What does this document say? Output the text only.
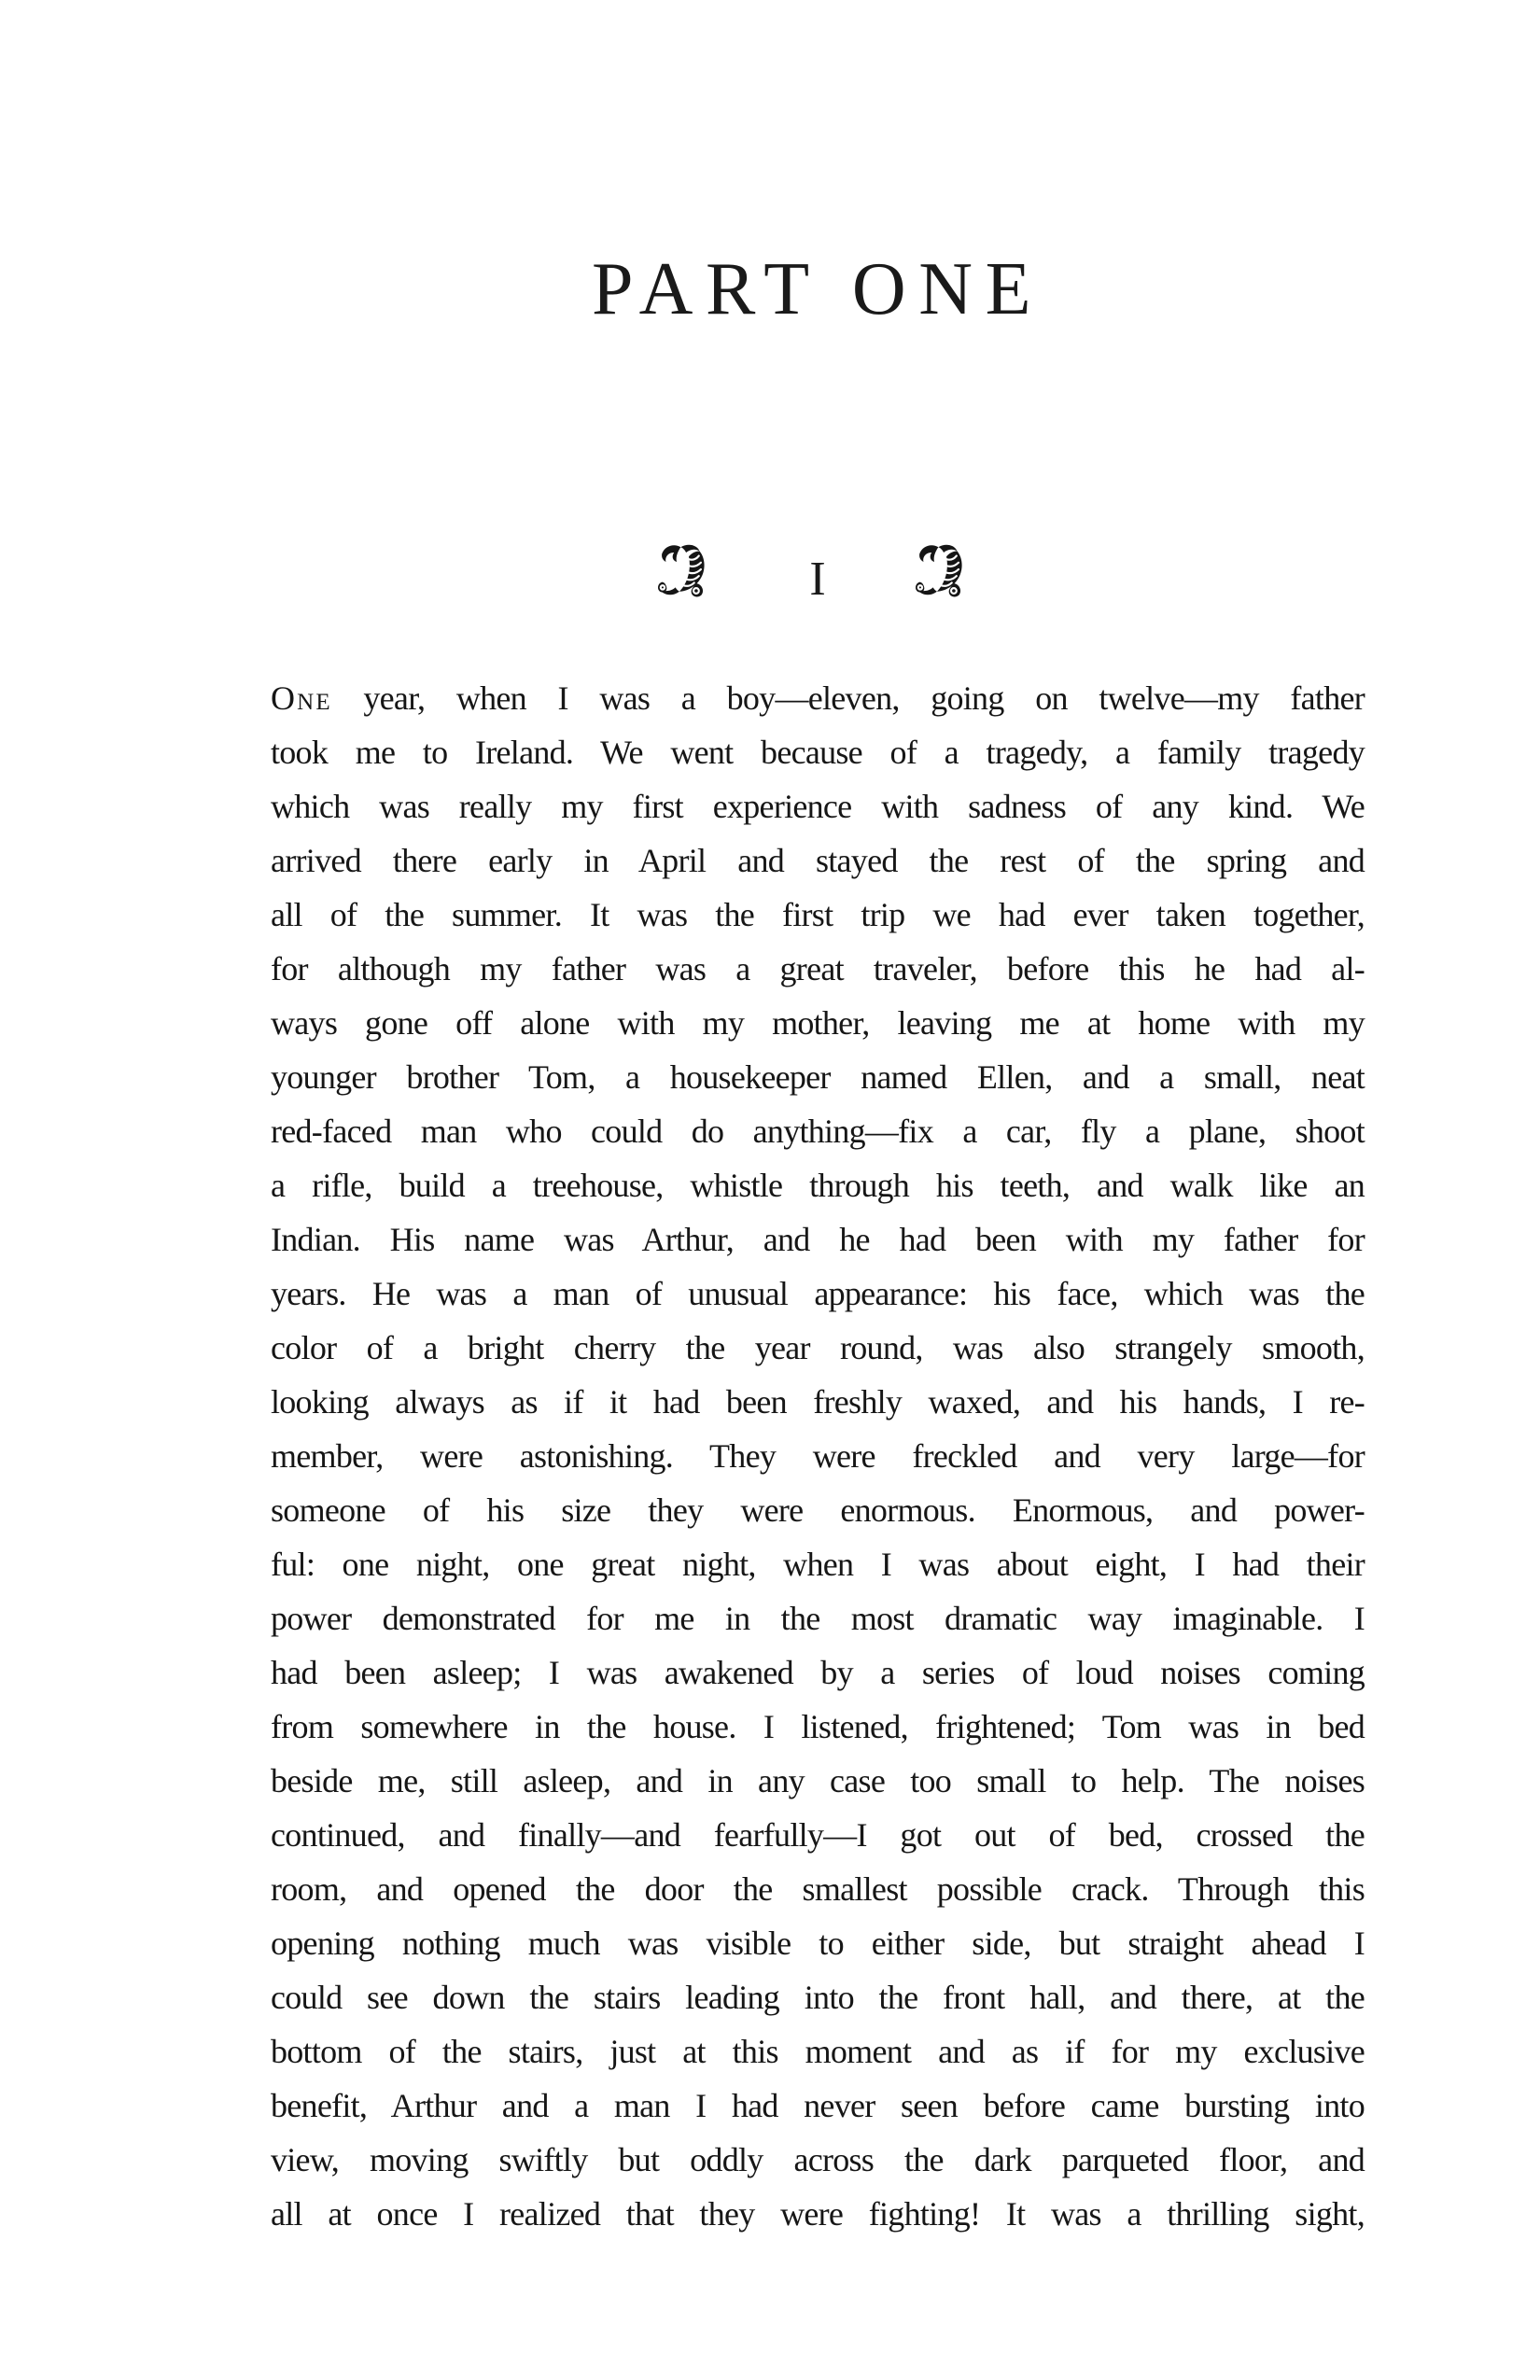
PART ONE
I
One year, when I was a boy—eleven, going on twelve—my father
took me to Ireland. We went because of a tragedy, a family tragedy
which was really my first experience with sadness of any kind. We
arrived there early in April and stayed the rest of the spring and
all of the summer. It was the first trip we had ever taken together,
for although my father was a great traveler, before this he had al-
ways gone off alone with my mother, leaving me at home with my
younger brother Tom, a housekeeper named Ellen, and a small, neat
red-faced man who could do anything—fix a car, fly a plane, shoot
a rifle, build a treehouse, whistle through his teeth, and walk like an
Indian. His name was Arthur, and he had been with my father for
years. He was a man of unusual appearance: his face, which was the
color of a bright cherry the year round, was also strangely smooth,
looking always as if it had been freshly waxed, and his hands, I re-
member, were astonishing. They were freckled and very large—for
someone of his size they were enormous. Enormous, and power-
ful: one night, one great night, when I was about eight, I had their
power demonstrated for me in the most dramatic way imaginable. I
had been asleep; I was awakened by a series of loud noises coming
from somewhere in the house. I listened, frightened; Tom was in bed
beside me, still asleep, and in any case too small to help. The noises
continued, and finally—and fearfully—I got out of bed, crossed the
room, and opened the door the smallest possible crack. Through this
opening nothing much was visible to either side, but straight ahead I
could see down the stairs leading into the front hall, and there, at the
bottom of the stairs, just at this moment and as if for my exclusive
benefit, Arthur and a man I had never seen before came bursting into
view, moving swiftly but oddly across the dark parqueted floor, and
all at once I realized that they were fighting! It was a thrilling sight,
